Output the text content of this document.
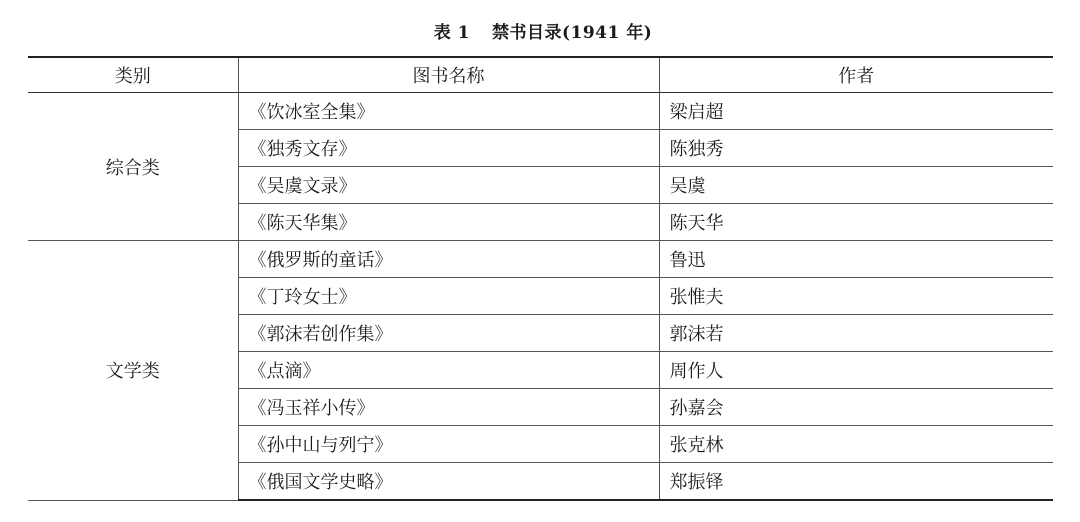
表 1 禁书目录(1941 年)
类别	图书名称	作者
综合类	《饮冰室全集》	梁启超
	《独秀文存》	陈独秀
	《吴虞文录》	吴虞
	《陈天华集》	陈天华
文学类	《俄罗斯的童话》	鲁迅
	《丁玲女士》	张惟夫
	《郭沫若创作集》	郭沫若
	《点滴》	周作人
	《冯玉祥小传》	孙嘉会
	《孙中山与列宁》	张克林
	《俄国文学史略》	郑振铎
